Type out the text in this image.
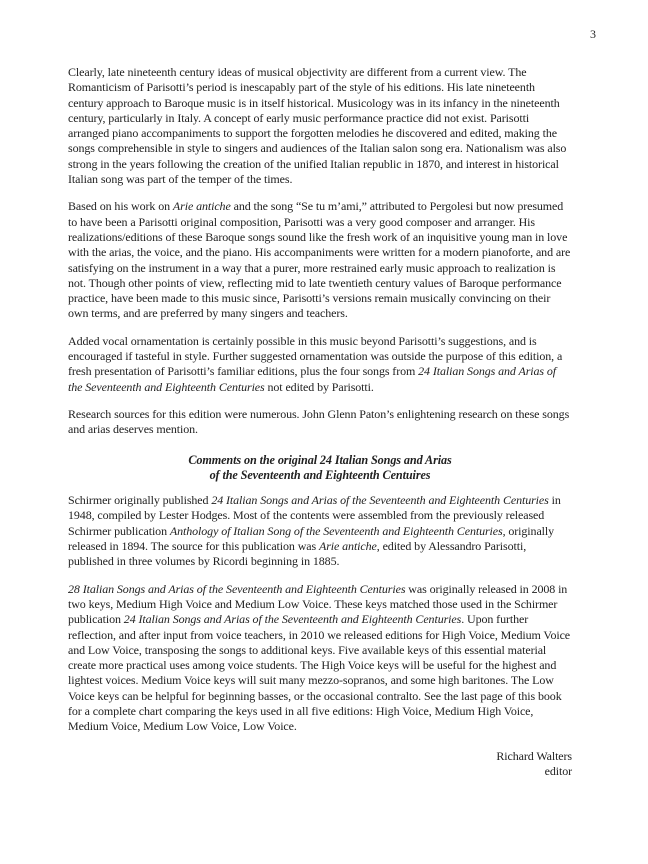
3

Clearly, late nineteenth century ideas of musical objectivity are different from a current view. The Romanticism of Parisotti’s period is inescapably part of the style of his editions. His late nineteenth century approach to Baroque music is in itself historical. Musicology was in its infancy in the nineteenth century, particularly in Italy. A concept of early music performance practice did not exist. Parisotti arranged piano accompaniments to support the forgotten melodies he discovered and edited, making the songs comprehensible in style to singers and audiences of the Italian salon song era. Nationalism was also strong in the years following the creation of the unified Italian republic in 1870, and interest in historical Italian song was part of the temper of the times.

Based on his work on Arie antiche and the song “Se tu m’ami,” attributed to Pergolesi but now presumed to have been a Parisotti original composition, Parisotti was a very good composer and arranger. His realizations/editions of these Baroque songs sound like the fresh work of an inquisitive young man in love with the arias, the voice, and the piano. His accompaniments were written for a modern pianoforte, and are satisfying on the instrument in a way that a purer, more restrained early music approach to realization is not. Though other points of view, reflecting mid to late twentieth century values of Baroque performance practice, have been made to this music since, Parisotti’s versions remain musically convincing on their own terms, and are preferred by many singers and teachers.

Added vocal ornamentation is certainly possible in this music beyond Parisotti’s suggestions, and is encouraged if tasteful in style. Further suggested ornamentation was outside the purpose of this edition, a fresh presentation of Parisotti’s familiar editions, plus the four songs from 24 Italian Songs and Arias of the Seventeenth and Eighteenth Centuries not edited by Parisotti.

Research sources for this edition were numerous. John Glenn Paton’s enlightening research on these songs and arias deserves mention.

Comments on the original 24 Italian Songs and Arias
of the Seventeenth and Eighteenth Centuires

Schirmer originally published 24 Italian Songs and Arias of the Seventeenth and Eighteenth Centuries in 1948, compiled by Lester Hodges. Most of the contents were assembled from the previously released Schirmer publication Anthology of Italian Song of the Seventeenth and Eighteenth Centuries, originally released in 1894. The source for this publication was Arie antiche, edited by Alessandro Parisotti, published in three volumes by Ricordi beginning in 1885.

28 Italian Songs and Arias of the Seventeenth and Eighteenth Centuries was originally released in 2008 in two keys, Medium High Voice and Medium Low Voice. These keys matched those used in the Schirmer publication 24 Italian Songs and Arias of the Seventeenth and Eighteenth Centuries. Upon further reflection, and after input from voice teachers, in 2010 we released editions for High Voice, Medium Voice and Low Voice, transposing the songs to additional keys. Five available keys of this essential material create more practical uses among voice students. The High Voice keys will be useful for the highest and lightest voices. Medium Voice keys will suit many mezzo-sopranos, and some high baritones. The Low Voice keys can be helpful for beginning basses, or the occasional contralto. See the last page of this book for a complete chart comparing the keys used in all five editions: High Voice, Medium High Voice, Medium Voice, Medium Low Voice, Low Voice.

Richard Walters
editor
